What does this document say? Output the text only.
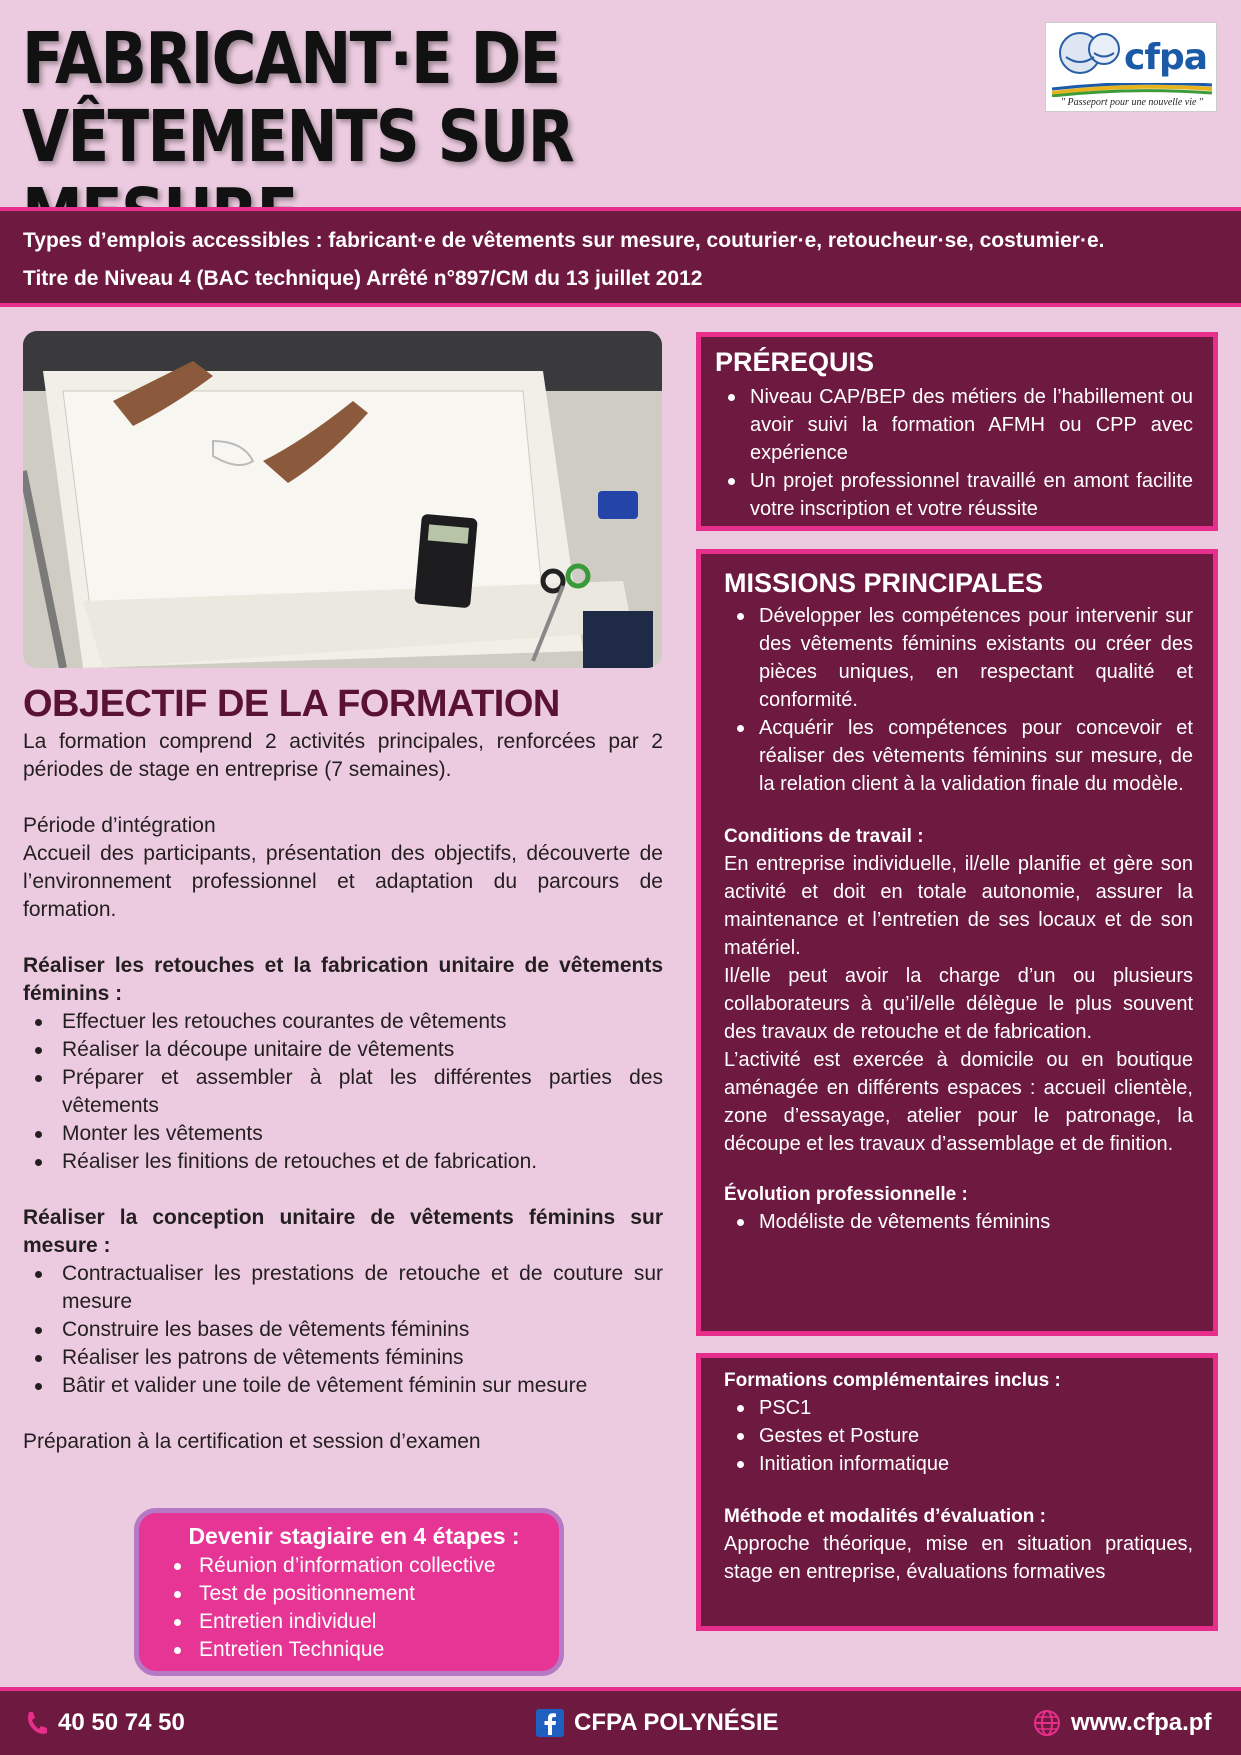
FABRICANT·E DE VÊTEMENTS SUR
cfpa
" Passeport pour une nouvelle vie "
Types d’emplois accessibles : fabricant·e de vêtements sur mesure, couturier·e, retoucheur·se, costumier·e.
Titre de Niveau 4 (BAC technique) Arrêté n°897/CM du 13 juillet 2012
OBJECTIF DE LA FORMATION

La formation comprend 2 activités principales, renforcées par 2 périodes de stage en entreprise (7 semaines).

Période d’intégration

Accueil des participants, présentation des objectifs, découverte de l’environnement professionnel et adaptation du parcours de formation.

Réaliser les retouches et la fabrication unitaire de vêtements féminins :

Effectuer les retouches courantes de vêtements
Réaliser la découpe unitaire de vêtements
Préparer et assembler à plat les différentes parties des vêtements
Monter les vêtements
Réaliser les finitions de retouches et de fabrication.

Réaliser la conception unitaire de vêtements féminins sur mesure :

Contractualiser les prestations de retouche et de couture sur mesure
Construire les bases de vêtements féminins
Réaliser les patrons de vêtements féminins
Bâtir et valider une toile de vêtement féminin sur mesure

Préparation à la certification et session d’examen

Devenir stagiaire en 4 étapes :
Réunion d’information collective
Test de positionnement
Entretien individuel
Entretien Technique
PRÉREQUIS
Niveau CAP/BEP des métiers de l’habillement ou avoir suivi la formation AFMH ou CPP avec expérience
Un projet professionnel travaillé en amont facilite votre inscription et votre réussite
MISSIONS PRINCIPALES
Développer les compétences pour intervenir sur des vêtements féminins existants ou créer des pièces uniques, en respectant qualité et conformité.
Acquérir les compétences pour concevoir et réaliser des vêtements féminins sur mesure, de la relation client à la validation finale du modèle.
Conditions de travail :

En entreprise individuelle, il/elle planifie et gère son activité et doit en totale autonomie, assurer la maintenance et l’entretien de ses locaux et de son matériel.

Il/elle peut avoir la charge d’un ou plusieurs collaborateurs à qu’il/elle délègue le plus souvent des travaux de retouche et de fabrication.

L’activité est exercée à domicile ou en boutique aménagée en différents espaces : accueil clientèle, zone d’essayage, atelier pour le patronage, la découpe et les travaux d’assemblage et de finition.

Évolution professionnelle :
Modéliste de vêtements féminins
Formations complémentaires inclus :
PSC1
Gestes et Posture
Initiation informatique
Méthode et modalités d’évaluation :

Approche théorique, mise en situation pratiques, stage en entreprise, évaluations formatives

40 50 74 50	CFPA POLYNÉSIE	www.cfpa.pf
